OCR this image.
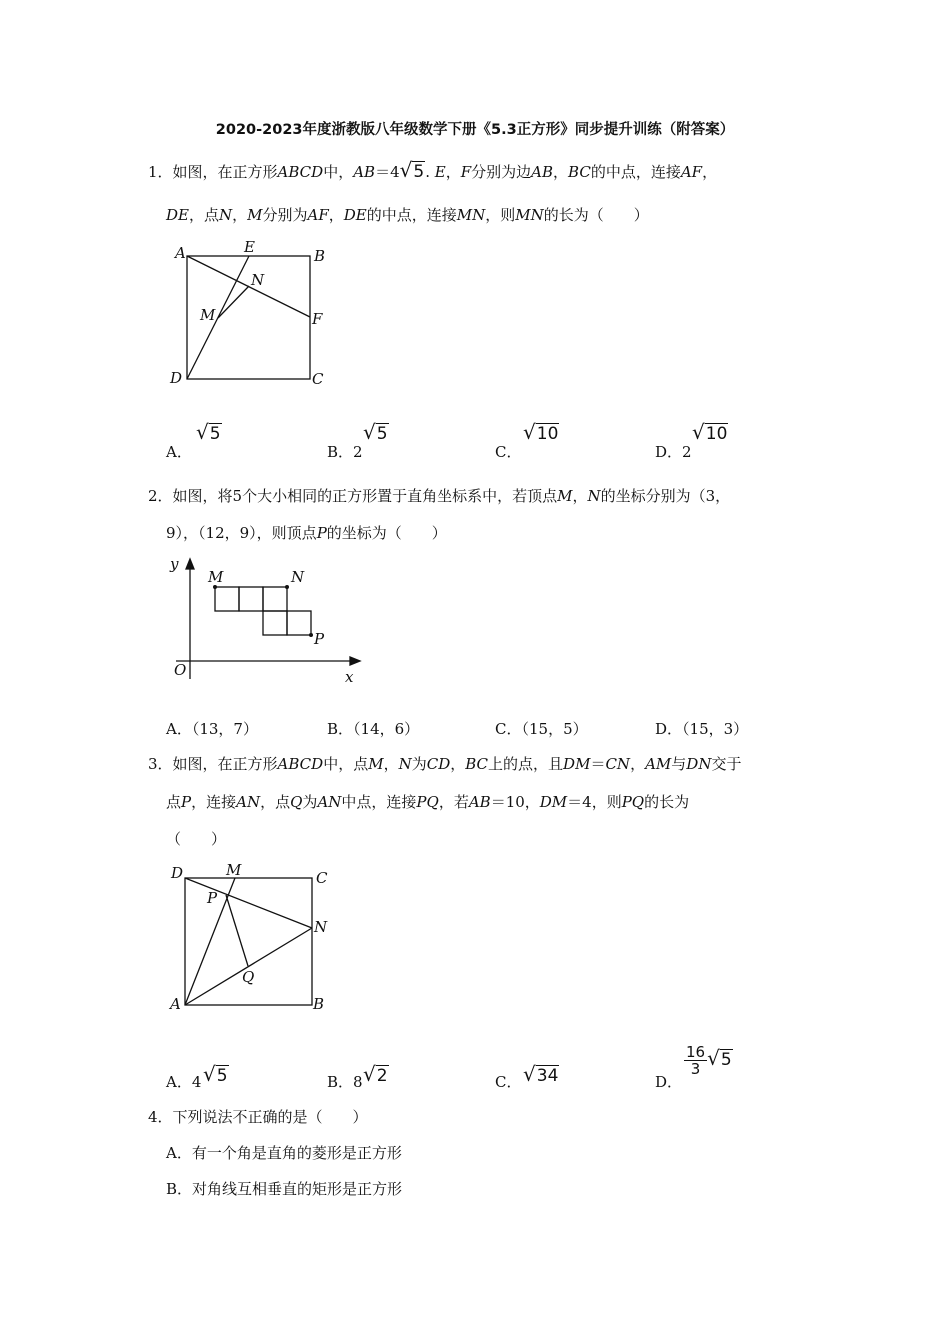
2020-2023年度浙教版八年级数学下册《5.3正方形》同步提升训练（附答案）
1．如图，在正方形ABCD中，AB＝4√5. E，F分别为边AB，BC的中点，连接AF，
DE，点N，M分别为AF，DE的中点，连接MN，则MN的长为（　　）
A	E	B
N
M	F
D	C
A．
√5
B．2
√5
C．
√10
D．2
√10
2．如图，将5个大小相同的正方形置于直角坐标系中，若顶点M，N的坐标分别为（3，
9），（12，9），则顶点P的坐标为（　　）
y
x
O
M	N
P
A．（13，7）	B．（14，6）	C．（15，5）	D．（15，3）
3．如图，在正方形ABCD中，点M，N为CD，BC上的点，且DM＝CN，AM与DN交于
点P，连接AN，点Q为AN中点，连接PQ，若AB＝10，DM＝4，则PQ的长为
（　　）
D	M	C
P
N
Q
A	B
A．4 √5	B．8 √2	C． √34	D．
$\frac{16}{3} √5$
4．下列说法不正确的是（　　）
A．有一个角是直角的菱形是正方形
B．对角线互相垂直的矩形是正方形
